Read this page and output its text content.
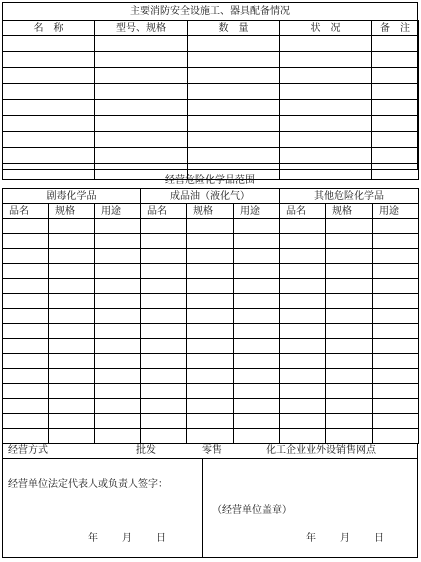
主要消防安全设施工、器具配备情况
名　称	型号、规格	数　量	状　况	备　注

经营危险化学品范围
剧毒化学品			成品油（液化气）			其他危险化学品		
品名	规格	用途	品名	规格	用途	品名	规格	用途

经营方式	批发	零售	化工企业业外设销售网点
经营单位法定代表人或负责人签字：
（经营单位盖章）
年 月 日	年 月 日
